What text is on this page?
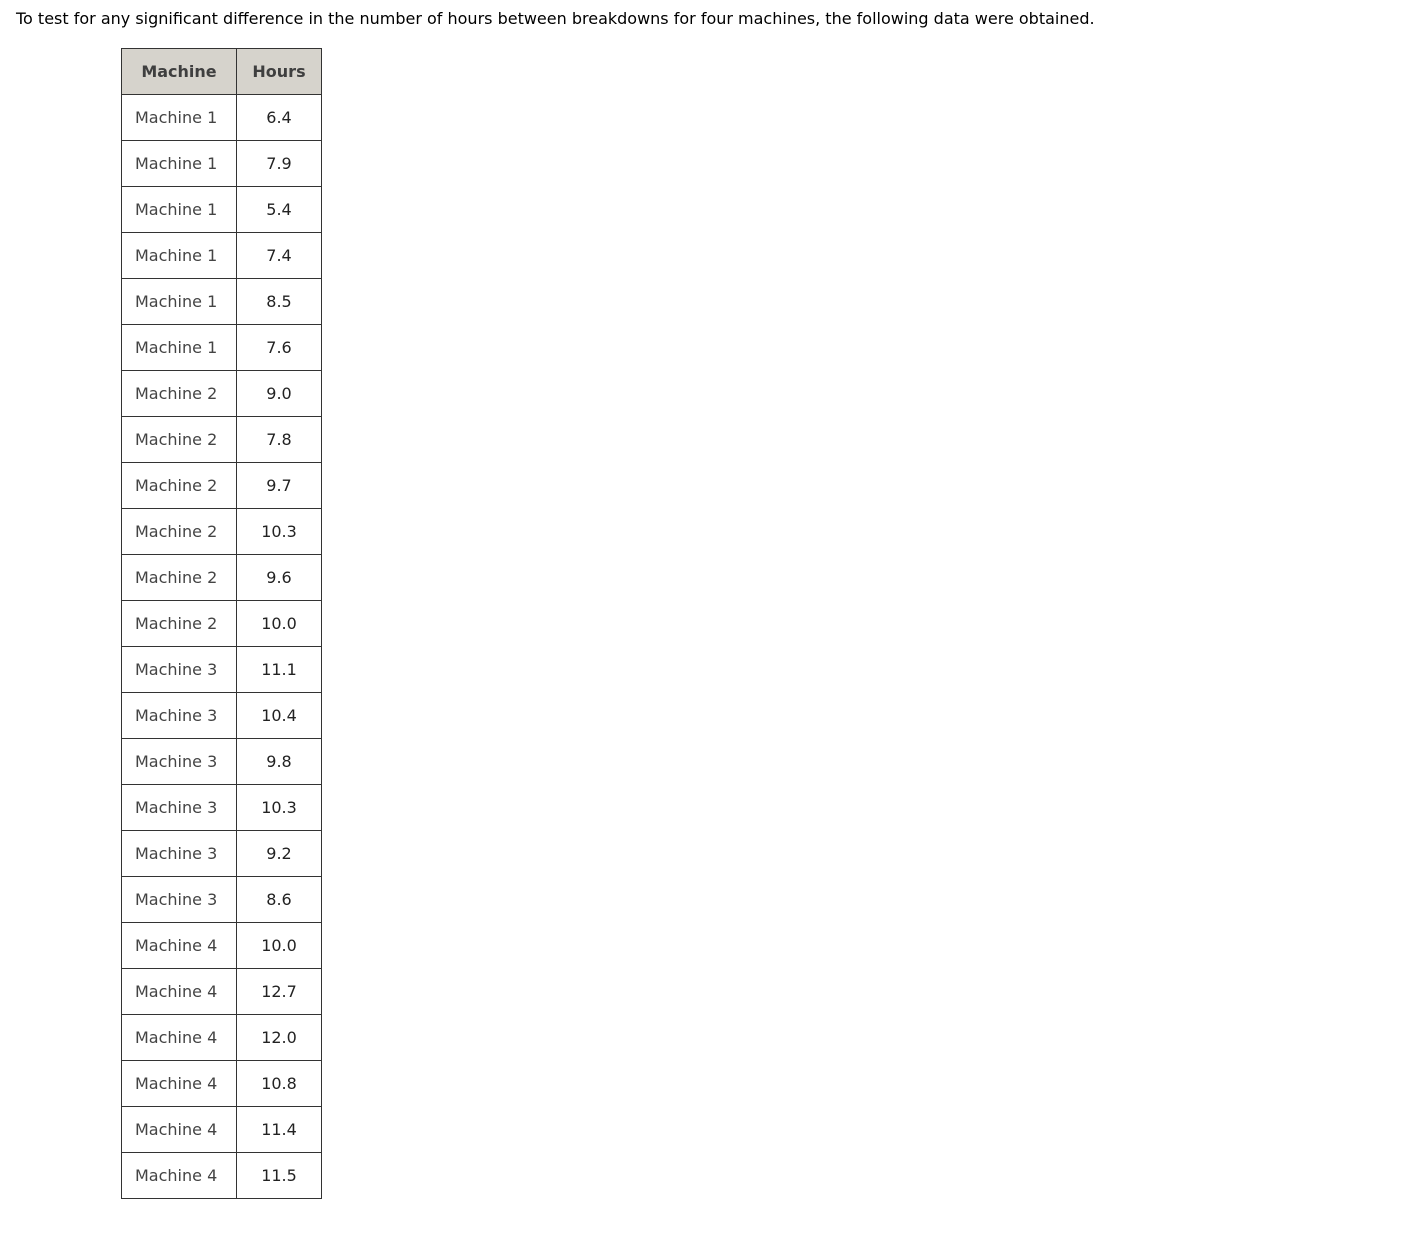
To test for any significant difference in the number of hours between breakdowns for four machines, the following data were obtained.

Machine	Hours
Machine 1	6.4
Machine 1	7.9
Machine 1	5.4
Machine 1	7.4
Machine 1	8.5
Machine 1	7.6
Machine 2	9.0
Machine 2	7.8
Machine 2	9.7
Machine 2	10.3
Machine 2	9.6
Machine 2	10.0
Machine 3	11.1
Machine 3	10.4
Machine 3	9.8
Machine 3	10.3
Machine 3	9.2
Machine 3	8.6
Machine 4	10.0
Machine 4	12.7
Machine 4	12.0
Machine 4	10.8
Machine 4	11.4
Machine 4	11.5
